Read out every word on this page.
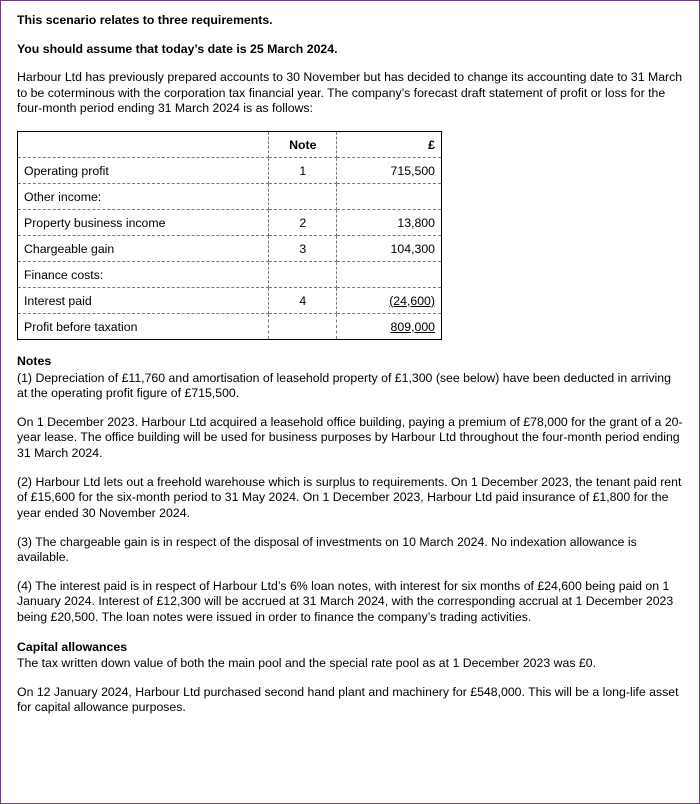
This scenario relates to three requirements.

You should assume that today’s date is 25 March 2024.

Harbour Ltd has previously prepared accounts to 30 November but has decided to change its accounting date to 31 March to be coterminous with the corporation tax financial year. The company’s forecast draft statement of profit or loss for the four-month period ending 31 March 2024 is as follows:

	Note	£
Operating profit	1	715,500
Other income:		
Property business income	2	13,800
Chargeable gain	3	104,300
Finance costs:		
Interest paid	4	(24,600)
Profit before taxation		809,000

Notes

(1) Depreciation of £11,760 and amortisation of leasehold property of £1,300 (see below) have been deducted in arriving at the operating profit figure of £715,500.

On 1 December 2023. Harbour Ltd acquired a leasehold office building, paying a premium of £78,000 for the grant of a 20-year lease. The office building will be used for business purposes by Harbour Ltd throughout the four-month period ending 31 March 2024.

(2) Harbour Ltd lets out a freehold warehouse which is surplus to requirements. On 1 December 2023, the tenant paid rent of £15,600 for the six-month period to 31 May 2024. On 1 December 2023, Harbour Ltd paid insurance of £1,800 for the year ended 30 November 2024.

(3) The chargeable gain is in respect of the disposal of investments on 10 March 2024. No indexation allowance is available.

(4) The interest paid is in respect of Harbour Ltd’s 6% loan notes, with interest for six months of £24,600 being paid on 1 January 2024. Interest of £12,300 will be accrued at 31 March 2024, with the corresponding accrual at 1 December 2023 being £20,500. The loan notes were issued in order to finance the company’s trading activities.

Capital allowances

The tax written down value of both the main pool and the special rate pool as at 1 December 2023 was £0.

On 12 January 2024, Harbour Ltd purchased second hand plant and machinery for £548,000. This will be a long-life asset for capital allowance purposes.
